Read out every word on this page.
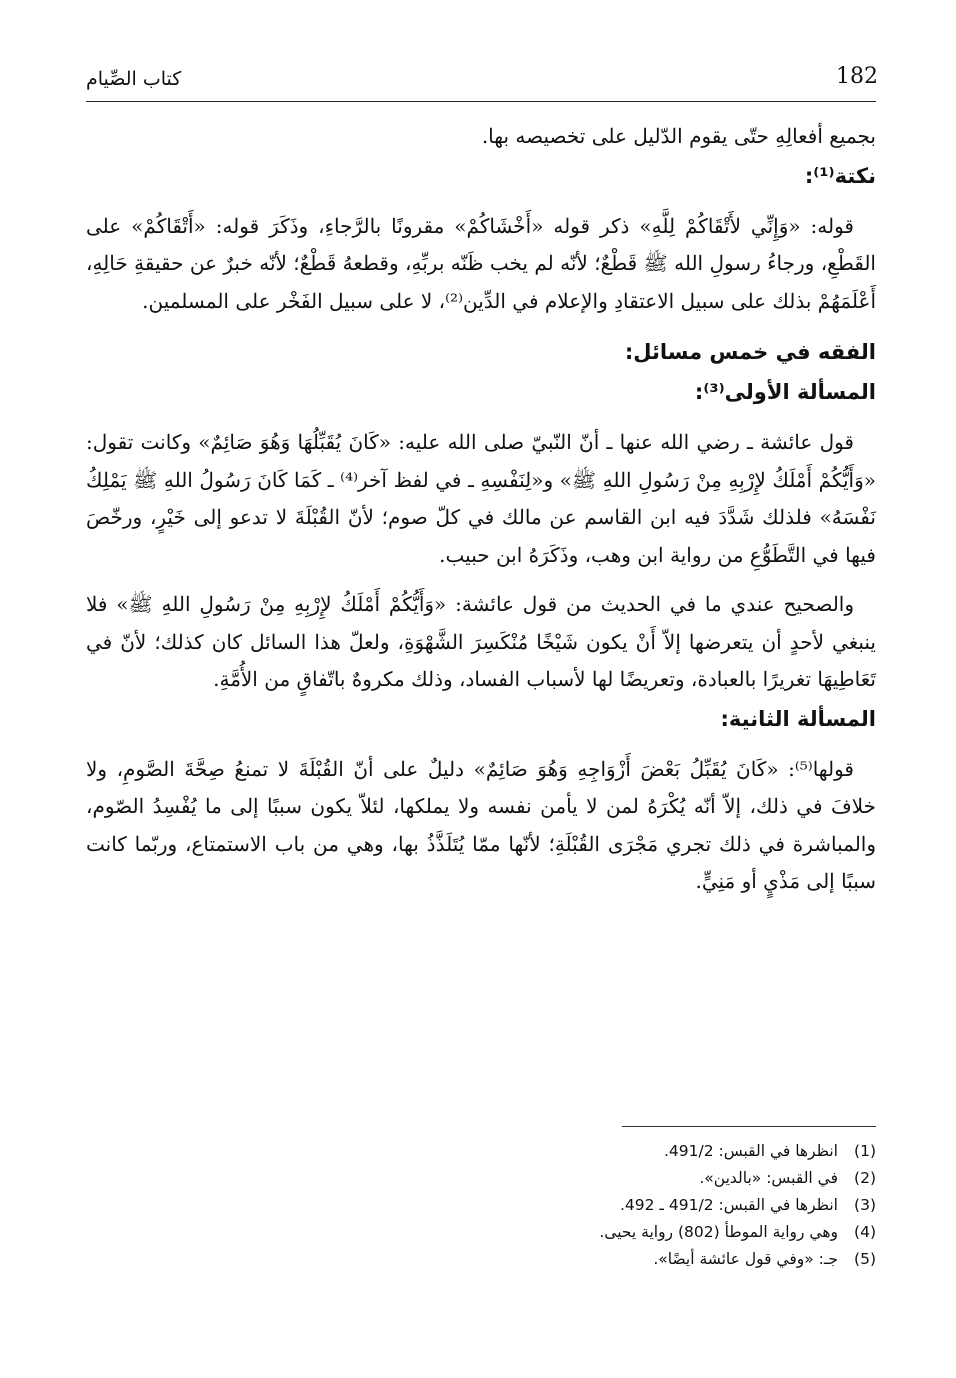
182
كتاب الصِّيام

بجميع أفعالِهِ حتّى يقوم الدّليل على تخصيصه بها.

نكتة⁽¹⁾:

قوله: «وَإِنِّي لأَتْقَاكُمْ لِلَّهِ» ذكر قوله «أَخْشَاكُمْ» مقرونًا بالرَّجاءِ، وذَكَرَ قوله: «أَتْقَاكُمْ» على القَطْعِ، ورجاءُ رسولِ الله ﷺ قَطْعٌ؛ لأنّه لم يخب ظَنّه بربِّهِ، وقطعهُ قَطْعٌ؛ لأنّه خبرٌ عن حقيقةِ حَالِهِ، أَعْلَمَهُمْ بذلك على سبيل الاعتقادِ والإعلام في الدِّين⁽²⁾، لا على سبيل الفَخْر على المسلمين.

الفقه في خمس مسائل:
المسألة الأولى⁽³⁾:

قول عائشة ـ رضي الله عنها ـ أنّ النّبيّ صلى الله عليه: «كَانَ يُقَبِّلُهَا وَهُوَ صَائِمٌ» وكانت تقول: «وَأَيُّكُمْ أَمْلَكُ لإِرْبِهِ مِنْ رَسُولِ اللهِ ﷺ» و«لِنَفْسِهِ ـ في لفظ آخر⁽⁴⁾ ـ كَمَا كَانَ رَسُولُ اللهِ ﷺ يَمْلِكُ نَفْسَهُ» فلذلك شَدَّدَ فيه ابن القاسم عن مالك في كلّ صوم؛ لأنّ القُبْلَةَ لا تدعو إلى خَيْرٍ، ورخّصَ فيها في التَّطَوُّعِ من رواية ابن وهب، وذَكَرَهُ ابن حبيب.

والصحيح عندي ما في الحديث من قول عائشة: «وَأَيُّكُمْ أَمْلَكُ لإِرْبِهِ مِنْ رَسُولِ اللهِ ﷺ» فلا ينبغي لأحدٍ أن يتعرضها إلاّ أَنْ يكون شَيْخًا مُنْكَسِرَ الشَّهْوَةِ، ولعلّ هذا السائل كان كذلك؛ لأنّ في تَعَاطِيهَا تغريرًا بالعبادة، وتعريضًا لها لأسباب الفساد، وذلك مكروهٌ باتّفاقٍ من الأُمَّةِ.

المسألة الثانية:

قولها⁽⁵⁾: «كَانَ يُقَبِّلُ بَعْضَ أَزْوَاجِهِ وَهُوَ صَائِمٌ» دليلٌ على أنّ القُبْلَةَ لا تمنعُ صِحَّةَ الصَّومِ، ولا خلافَ في ذلك، إلاّ أنّه يُكْرَهُ لمن لا يأمن نفسه ولا يملكها، لئلاّ يكون سببًا إلى ما يُفْسِدُ الصّوم، والمباشرة في ذلك تجري مَجْرَى القُبْلَةِ؛ لأنّها ممّا يُتَلَذَّذُ بها، وهي من باب الاستمتاع، وربّما كانت سببًا إلى مَذْيٍ أو مَنِيٍّ.

(1)
انظرها في القبس: 491/2.
(2)
في القبس: «بالدين».
(3)
انظرها في القبس: 491/2 ـ 492.
(4)
وهي رواية الموطأ (802) رواية يحيى.
(5)
جـ: «وفي قول عائشة أيضًا».
